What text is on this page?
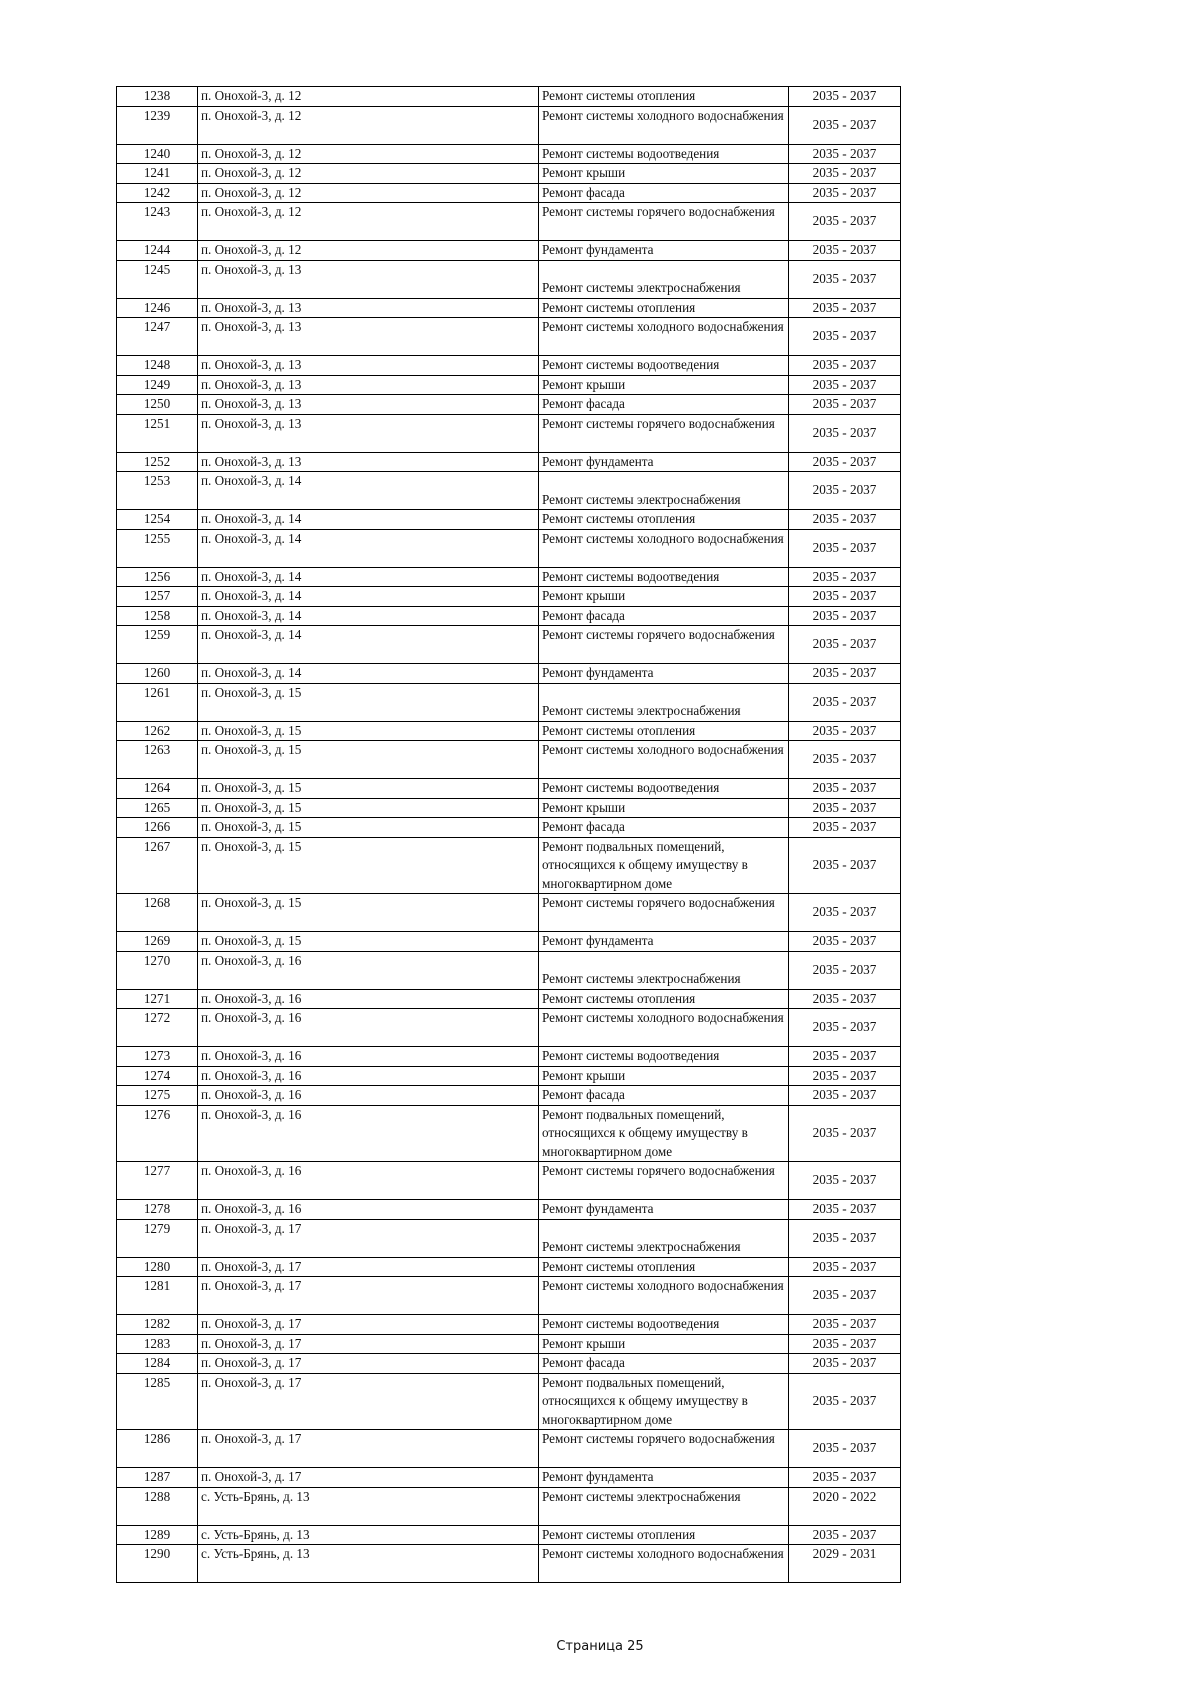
1238	п. Онохой-3, д. 12	Ремонт системы отопления	2035 - 2037
1239	п. Онохой-3, д. 12	Ремонт системы холодного водоснабжения	2035 - 2037
1240	п. Онохой-3, д. 12	Ремонт системы водоотведения	2035 - 2037
1241	п. Онохой-3, д. 12	Ремонт крыши	2035 - 2037
1242	п. Онохой-3, д. 12	Ремонт фасада	2035 - 2037
1243	п. Онохой-3, д. 12	Ремонт системы горячего водоснабжения	2035 - 2037
1244	п. Онохой-3, д. 12	Ремонт фундамента	2035 - 2037
1245	п. Онохой-3, д. 13	Ремонт системы электроснабжения	2035 - 2037
1246	п. Онохой-3, д. 13	Ремонт системы отопления	2035 - 2037
1247	п. Онохой-3, д. 13	Ремонт системы холодного водоснабжения	2035 - 2037
1248	п. Онохой-3, д. 13	Ремонт системы водоотведения	2035 - 2037
1249	п. Онохой-3, д. 13	Ремонт крыши	2035 - 2037
1250	п. Онохой-3, д. 13	Ремонт фасада	2035 - 2037
1251	п. Онохой-3, д. 13	Ремонт системы горячего водоснабжения	2035 - 2037
1252	п. Онохой-3, д. 13	Ремонт фундамента	2035 - 2037
1253	п. Онохой-3, д. 14	Ремонт системы электроснабжения	2035 - 2037
1254	п. Онохой-3, д. 14	Ремонт системы отопления	2035 - 2037
1255	п. Онохой-3, д. 14	Ремонт системы холодного водоснабжения	2035 - 2037
1256	п. Онохой-3, д. 14	Ремонт системы водоотведения	2035 - 2037
1257	п. Онохой-3, д. 14	Ремонт крыши	2035 - 2037
1258	п. Онохой-3, д. 14	Ремонт фасада	2035 - 2037
1259	п. Онохой-3, д. 14	Ремонт системы горячего водоснабжения	2035 - 2037
1260	п. Онохой-3, д. 14	Ремонт фундамента	2035 - 2037
1261	п. Онохой-3, д. 15	Ремонт системы электроснабжения	2035 - 2037
1262	п. Онохой-3, д. 15	Ремонт системы отопления	2035 - 2037
1263	п. Онохой-3, д. 15	Ремонт системы холодного водоснабжения	2035 - 2037
1264	п. Онохой-3, д. 15	Ремонт системы водоотведения	2035 - 2037
1265	п. Онохой-3, д. 15	Ремонт крыши	2035 - 2037
1266	п. Онохой-3, д. 15	Ремонт фасада	2035 - 2037
1267	п. Онохой-3, д. 15	Ремонт подвальных помещений, относящихся к общему имуществу в многоквартирном доме	2035 - 2037
1268	п. Онохой-3, д. 15	Ремонт системы горячего водоснабжения	2035 - 2037
1269	п. Онохой-3, д. 15	Ремонт фундамента	2035 - 2037
1270	п. Онохой-3, д. 16	Ремонт системы электроснабжения	2035 - 2037
1271	п. Онохой-3, д. 16	Ремонт системы отопления	2035 - 2037
1272	п. Онохой-3, д. 16	Ремонт системы холодного водоснабжения	2035 - 2037
1273	п. Онохой-3, д. 16	Ремонт системы водоотведения	2035 - 2037
1274	п. Онохой-3, д. 16	Ремонт крыши	2035 - 2037
1275	п. Онохой-3, д. 16	Ремонт фасада	2035 - 2037
1276	п. Онохой-3, д. 16	Ремонт подвальных помещений, относящихся к общему имуществу в многоквартирном доме	2035 - 2037
1277	п. Онохой-3, д. 16	Ремонт системы горячего водоснабжения	2035 - 2037
1278	п. Онохой-3, д. 16	Ремонт фундамента	2035 - 2037
1279	п. Онохой-3, д. 17	Ремонт системы электроснабжения	2035 - 2037
1280	п. Онохой-3, д. 17	Ремонт системы отопления	2035 - 2037
1281	п. Онохой-3, д. 17	Ремонт системы холодного водоснабжения	2035 - 2037
1282	п. Онохой-3, д. 17	Ремонт системы водоотведения	2035 - 2037
1283	п. Онохой-3, д. 17	Ремонт крыши	2035 - 2037
1284	п. Онохой-3, д. 17	Ремонт фасада	2035 - 2037
1285	п. Онохой-3, д. 17	Ремонт подвальных помещений, относящихся к общему имуществу в многоквартирном доме	2035 - 2037
1286	п. Онохой-3, д. 17	Ремонт системы горячего водоснабжения	2035 - 2037
1287	п. Онохой-3, д. 17	Ремонт фундамента	2035 - 2037
1288	с. Усть-Брянь, д. 13	Ремонт системы электроснабжения	2020 - 2022
1289	с. Усть-Брянь, д. 13	Ремонт системы отопления	2035 - 2037
1290	с. Усть-Брянь, д. 13	Ремонт системы холодного водоснабжения	2029 - 2031
Страница 25
